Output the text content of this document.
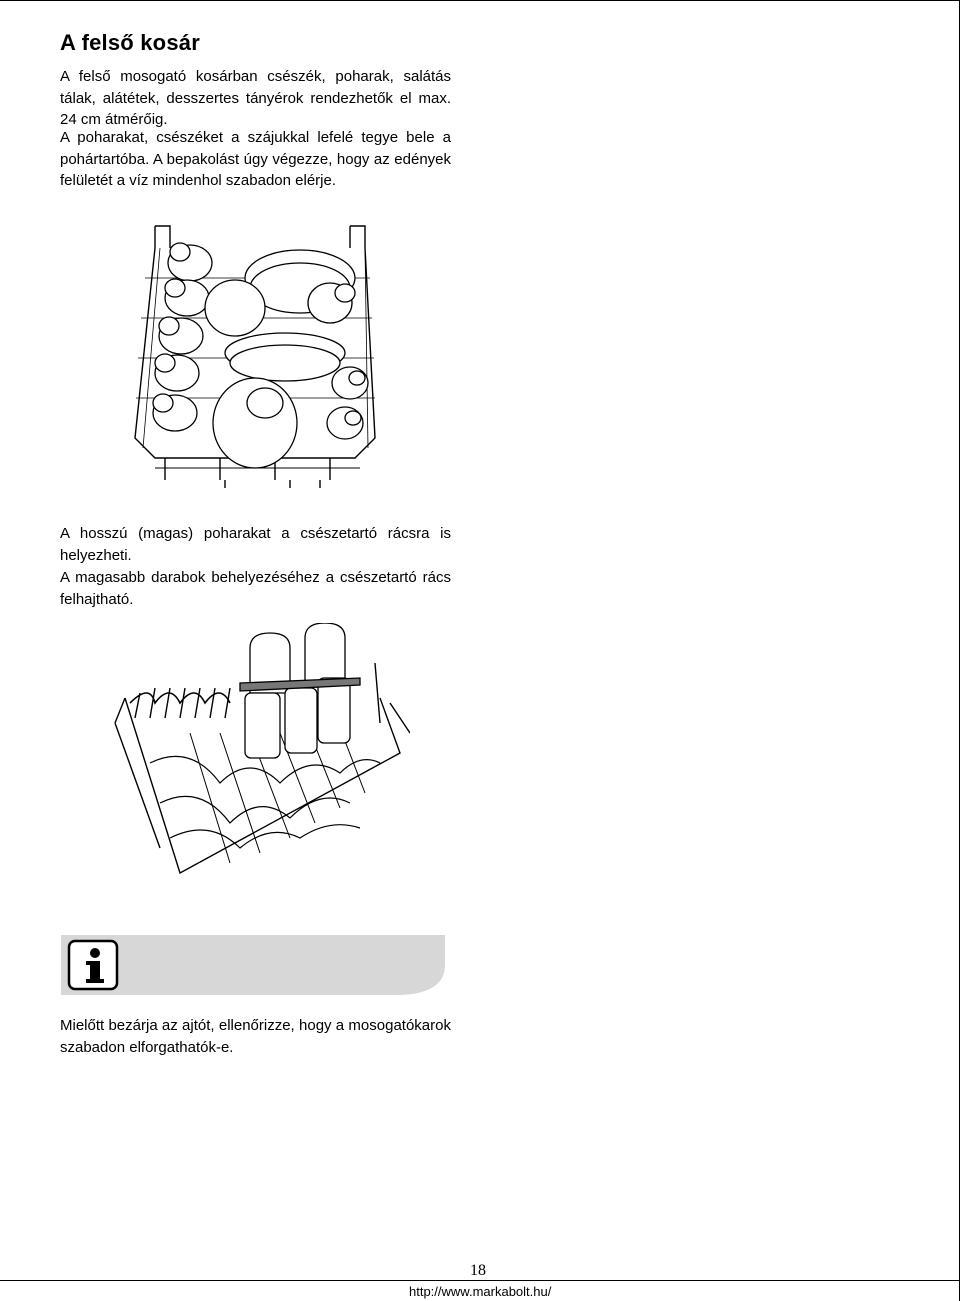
A felső kosár

A felső mosogató kosárban csészék, poharak, salátás tálak, alátétek, desszertes tányérok rendezhetők el max. 24 cm átmérőig.

A poharakat, csészéket a szájukkal lefelé tegye bele a pohártartóba. A bepakolást úgy végezze, hogy az edények felületét a víz mindenhol szabadon elérje.

A hosszú (magas) poharakat a csészetartó rácsra is helyezheti.

A magasabb darabok behelyezéséhez a csészetartó rács felhajtható.

Mielőtt bezárja az ajtót, ellenőrizze, hogy a mosogatókarok szabadon elforgathatók-e.

18
http://www.markabolt.hu/
